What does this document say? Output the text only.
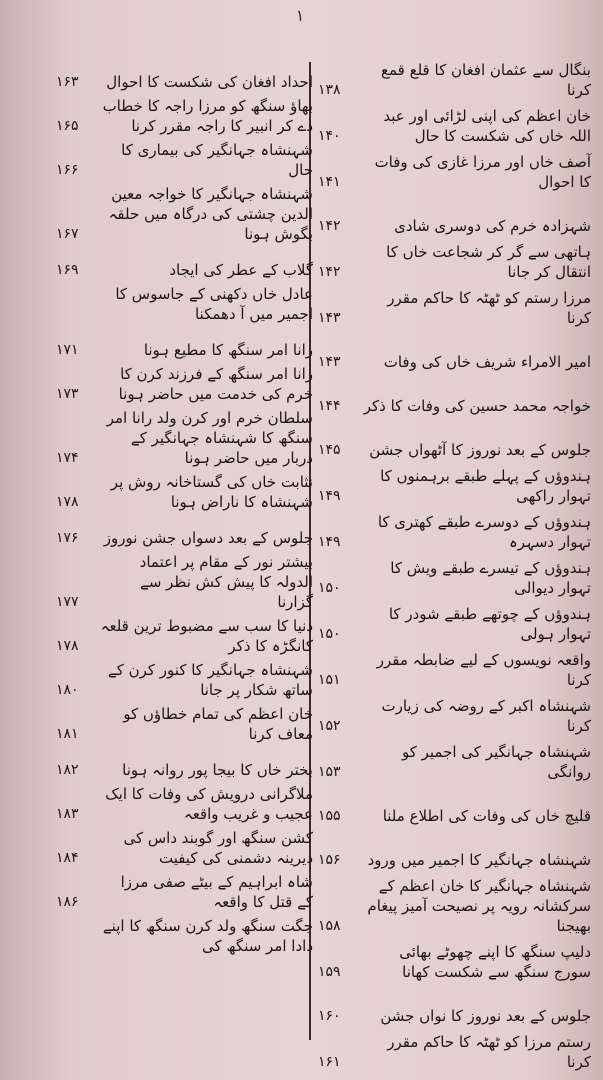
۱
بنگال سے عثمان افغان کا قلع قمع کرنا
۱۳۸
خان اعظم کی اپنی لڑائی اور عبد اللہ خاں کی شکست کا حال
۱۴۰
آصف خاں اور مرزا غازی کی وفات کا احوال
۱۴۱
شہزادہ خرم کی دوسری شادی
۱۴۲
ہاتھی سے گر کر شجاعت خاں کا انتقال کر جانا
۱۴۲
مرزا رستم کو ٹھٹہ کا حاکم مقرر کرنا
۱۴۳
امیر الامراء شریف خاں کی وفات
۱۴۳
خواجہ محمد حسین کی وفات کا ذکر
۱۴۴
جلوس کے بعد نوروز کا آٹھواں جشن
۱۴۵
ہندوؤں کے پہلے طبقے برہمنوں کا تہوار راکھی
۱۴۹
ہندوؤں کے دوسرے طبقے کھتری کا تہوار دسہرہ
۱۴۹
ہندوؤں کے تیسرے طبقے ویش کا تہوار دیوالی
۱۵۰
ہندوؤں کے چوتھے طبقے شودر کا تہوار ہولی
۱۵۰
واقعہ نویسوں کے لیے ضابطہ مقرر کرنا
۱۵۱
شہنشاہ اکبر کے روضہ کی زیارت کرنا
۱۵۲
شہنشاہ جہانگیر کی اجمیر کو روانگی
۱۵۳
قلیچ خاں کی وفات کی اطلاع ملنا
۱۵۵
شہنشاہ جہانگیر کا اجمیر میں ورود
۱۵۶
شہنشاہ جہانگیر کا خان اعظم کے سرکشانہ رویہ پر نصیحت آمیز پیغام بھیجنا
۱۵۸
دلیپ سنگھ کا اپنے چھوٹے بھائی سورج سنگھ سے شکست کھانا
۱۵۹
جلوس کے بعد نوروز کا نواں جشن
۱۶۰
رستم مرزا کو ٹھٹہ کا حاکم مقرر کرنا
۱۶۱
احداد افغان کی شکست کا احوال
۱۶۳
بھاؤ سنگھ کو مرزا راجہ کا خطاب دے کر انبیر کا راجہ مقرر کرنا
۱۶۵
شہنشاہ جہانگیر کی بیماری کا حال
۱۶۶
شہنشاہ جہانگیر کا خواجہ معین الدین چشتی کی درگاہ میں حلقہ بگوش ہونا
۱۶۷
گلاب کے عطر کی ایجاد
۱۶۹
عادل خاں دکھنی کے جاسوس کا اجمیر میں آ دھمکنا
رانا امر سنگھ کا مطیع ہونا
۱۷۱
رانا امر سنگھ کے فرزند کرن کا خرم کی خدمت میں حاضر ہونا
۱۷۳
سلطان خرم اور کرن ولد رانا امر سنگھ کا شہنشاہ جہانگیر کے دربار میں حاضر ہونا
۱۷۴
نثابت خاں کی گستاخانہ روش پر شہنشاہ کا ناراض ہونا
۱۷۸
جلوس کے بعد دسواں جشن نوروز
۱۷۶
بیشتر نور کے مقام پر اعتماد الدولہ کا پیش کش نظر سے گزارنا
۱۷۷
دنیا کا سب سے مضبوط ترین قلعہ کانگڑہ کا ذکر
۱۷۸
شہنشاہ جہانگیر کا کنور کرن کے ساتھ شکار پر جانا
۱۸۰
خان اعظم کی تمام خطاؤں کو معاف کرنا
۱۸۱
بختر خاں کا بیجا پور روانہ ہونا
۱۸۲
ملاگرانی درویش کی وفات کا ایک عجیب و غریب واقعہ
۱۸۳
کشن سنگھ اور گوبند داس کی دیرینہ دشمنی کی کیفیت
۱۸۴
شاہ ابراہیم کے بیٹے صفی مرزا کے قتل کا واقعہ
۱۸۶
جگت سنگھ ولد کرن سنگھ کا اپنے دادا امر سنگھ کی
